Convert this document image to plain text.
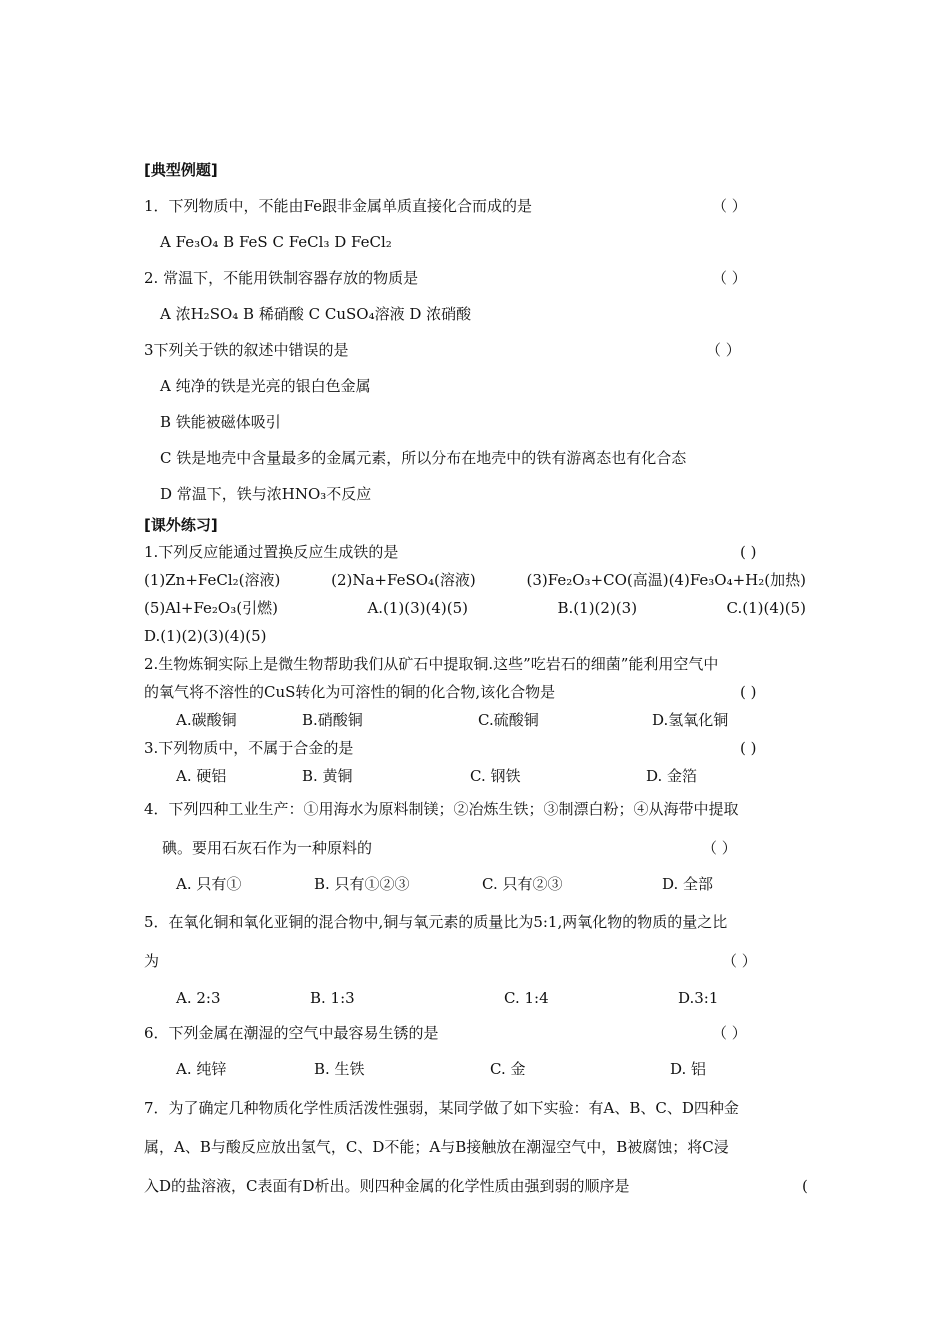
[典型例题]
1．下列物质中，不能由Fe跟非金属单质直接化合而成的是	（ ）
A Fe₃O₄ B FeS C FeCl₃ D FeCl₂
2. 常温下，不能用铁制容器存放的物质是	（ ）
A 浓H₂SO₄ B 稀硝酸 C CuSO₄溶液 D 浓硝酸
3下列关于铁的叙述中错误的是	（ ）
A 纯净的铁是光亮的银白色金属
B 铁能被磁体吸引
C 铁是地壳中含量最多的金属元素，所以分布在地壳中的铁有游离态也有化合态
D 常温下，铁与浓HNO₃不反应
[课外练习]
1.下列反应能通过置换反应生成铁的是	( )
(1)Zn+FeCl₂(溶液)	(2)Na+FeSO₄(溶液)	(3)Fe₂O₃+CO(高温)(4)Fe₃O₄+H₂(加热)
(5)Al+Fe₂O₃(引燃)	A.(1)(3)(4)(5)	B.(1)(2)(3)	C.(1)(4)(5)
D.(1)(2)(3)(4)(5)
2.生物炼铜实际上是微生物帮助我们从矿石中提取铜.这些”吃岩石的细菌”能利用空气中
的氧气将不溶性的CuS转化为可溶性的铜的化合物,该化合物是	( )
A.碳酸铜	B.硝酸铜	C.硫酸铜	D.氢氧化铜
3.下列物质中，不属于合金的是	( )
A. 硬铝	B. 黄铜	C. 钢铁	D. 金箔
4．下列四种工业生产：①用海水为原料制镁；②冶炼生铁；③制漂白粉；④从海带中提取
碘。要用石灰石作为一种原料的	（ ）
A. 只有①	B. 只有①②③	C. 只有②③	D. 全部
5．在氧化铜和氧化亚铜的混合物中,铜与氧元素的质量比为5:1,两氧化物的物质的量之比
为	（ ）
A. 2:3	B. 1:3	C. 1:4	D.3:1
6．下列金属在潮湿的空气中最容易生锈的是	（ ）
A. 纯锌	B. 生铁	C. 金	D. 铝
7．为了确定几种物质化学性质活泼性强弱，某同学做了如下实验：有A、B、C、D四种金
属，A、B与酸反应放出氢气，C、D不能；A与B接触放在潮湿空气中，B被腐蚀；将C浸
入D的盐溶液，C表面有D析出。则四种金属的化学性质由强到弱的顺序是	(
